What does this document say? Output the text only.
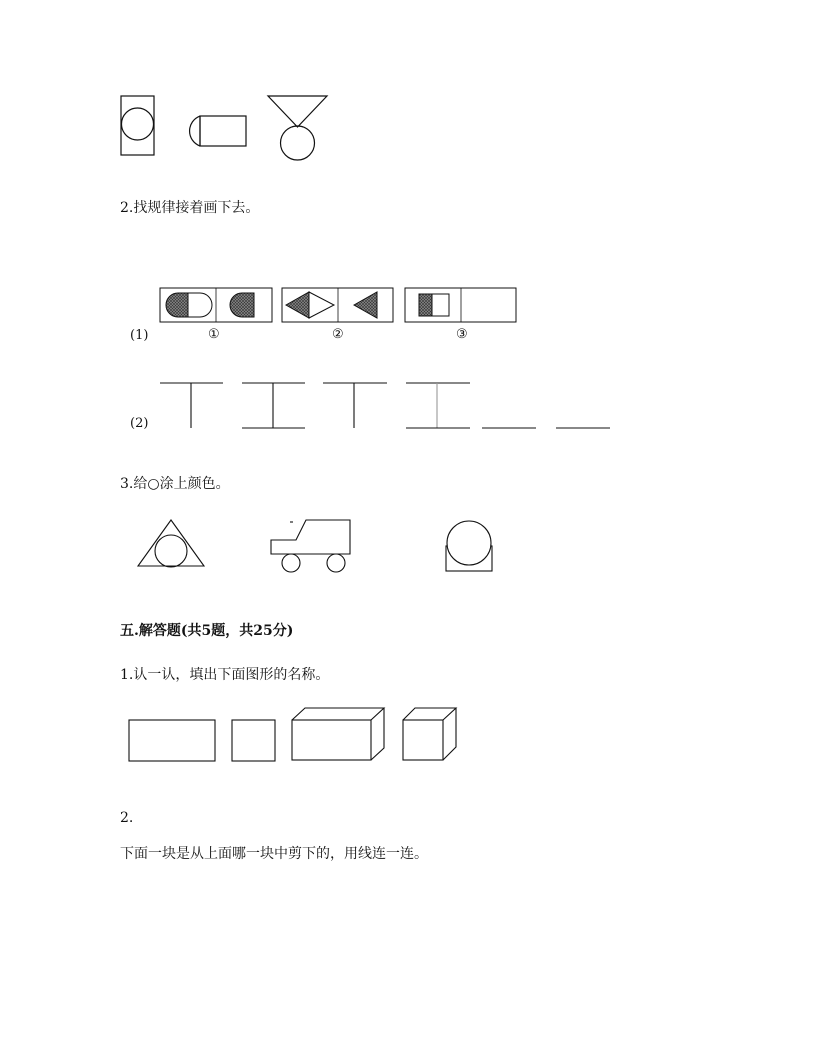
2.找规律接着画下去。
(1)	①	②	③
(2)
3.给○涂上颜色。
五.解答题(共5题，共25分)
1.认一认，填出下面图形的名称。
2.
下面一块是从上面哪一块中剪下的，用线连一连。
